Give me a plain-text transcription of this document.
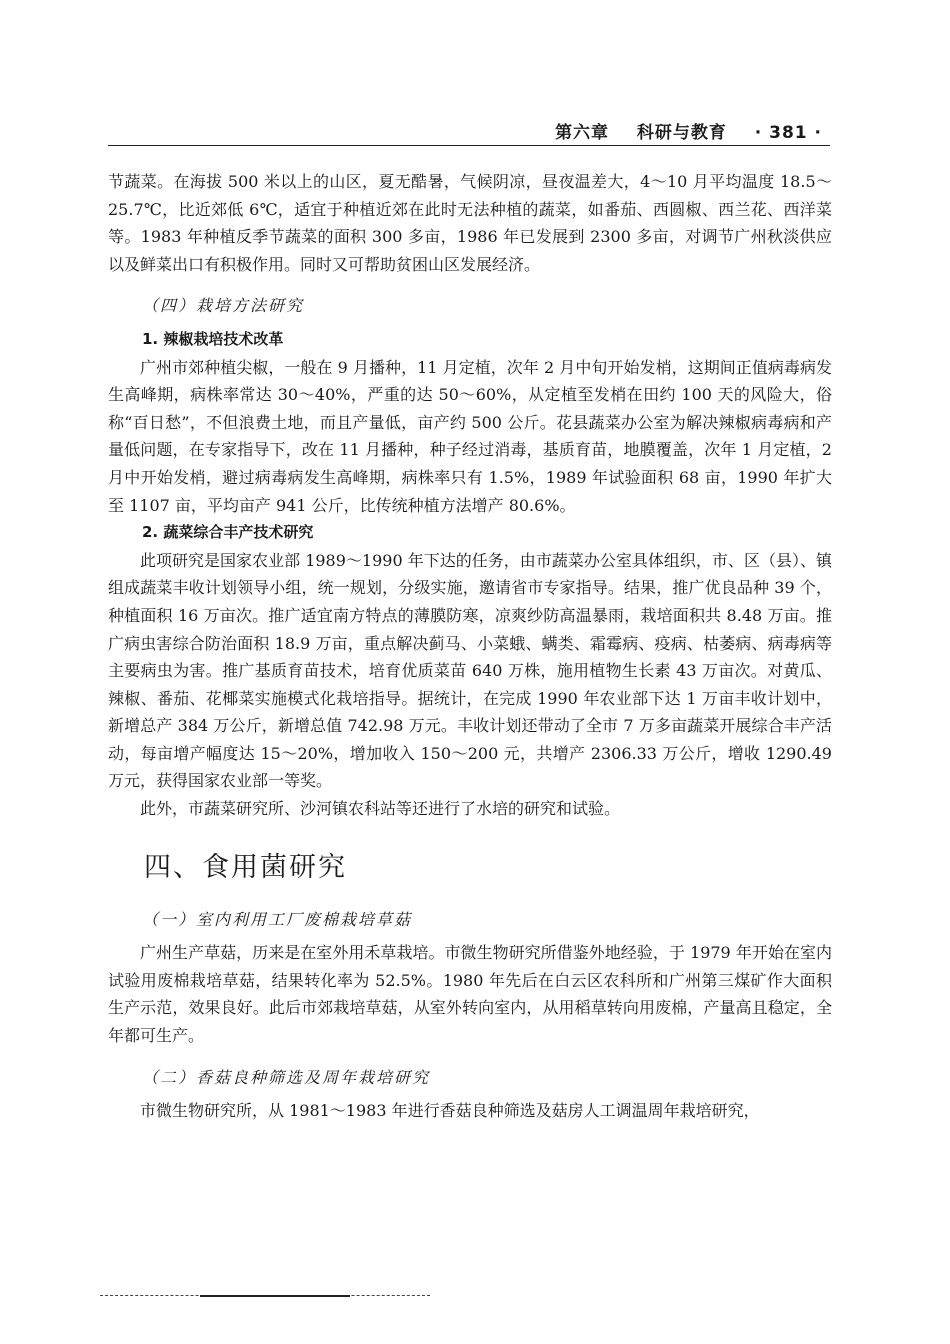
第六章 科研与教育 · 381 ·

节蔬菜。在海拔 500 米以上的山区，夏无酷暑，气候阴凉，昼夜温差大，4～10 月平均温度 18.5～25.7℃，比近郊低 6℃，适宜于种植近郊在此时无法种植的蔬菜，如番茄、西圆椒、西兰花、西洋菜等。1983 年种植反季节蔬菜的面积 300 多亩，1986 年已发展到 2300 多亩，对调节广州秋淡供应以及鲜菜出口有积极作用。同时又可帮助贫困山区发展经济。

（四）栽培方法研究
1. 辣椒栽培技术改革

广州市郊种植尖椒，一般在 9 月播种，11 月定植，次年 2 月中旬开始发梢，这期间正值病毒病发生高峰期，病株率常达 30～40%，严重的达 50～60%，从定植至发梢在田约 100 天的风险大，俗称“百日愁”，不但浪费土地，而且产量低，亩产约 500 公斤。花县蔬菜办公室为解决辣椒病毒病和产量低问题，在专家指导下，改在 11 月播种，种子经过消毒，基质育苗，地膜覆盖，次年 1 月定植，2 月中开始发梢，避过病毒病发生高峰期，病株率只有 1.5%，1989 年试验面积 68 亩，1990 年扩大至 1107 亩，平均亩产 941 公斤，比传统种植方法增产 80.6%。

2. 蔬菜综合丰产技术研究

此项研究是国家农业部 1989～1990 年下达的任务，由市蔬菜办公室具体组织，市、区（县）、镇组成蔬菜丰收计划领导小组，统一规划，分级实施，邀请省市专家指导。结果，推广优良品种 39 个，种植面积 16 万亩次。推广适宜南方特点的薄膜防寒，凉爽纱防高温暴雨，栽培面积共 8.48 万亩。推广病虫害综合防治面积 18.9 万亩，重点解决蓟马、小菜蛾、螨类、霜霉病、疫病、枯萎病、病毒病等主要病虫为害。推广基质育苗技术，培育优质菜苗 640 万株，施用植物生长素 43 万亩次。对黄瓜、辣椒、番茄、花椰菜实施模式化栽培指导。据统计，在完成 1990 年农业部下达 1 万亩丰收计划中，新增总产 384 万公斤，新增总值 742.98 万元。丰收计划还带动了全市 7 万多亩蔬菜开展综合丰产活动，每亩增产幅度达 15～20%，增加收入 150～200 元，共增产 2306.33 万公斤，增收 1290.49 万元，获得国家农业部一等奖。

此外，市蔬菜研究所、沙河镇农科站等还进行了水培的研究和试验。

四、食用菌研究
（一）室内利用工厂废棉栽培草菇

广州生产草菇，历来是在室外用禾草栽培。市微生物研究所借鉴外地经验，于 1979 年开始在室内试验用废棉栽培草菇，结果转化率为 52.5%。1980 年先后在白云区农科所和广州第三煤矿作大面积生产示范，效果良好。此后市郊栽培草菇，从室外转向室内，从用稻草转向用废棉，产量高且稳定，全年都可生产。

（二）香菇良种筛选及周年栽培研究

市微生物研究所，从 1981～1983 年进行香菇良种筛选及菇房人工调温周年栽培研究，
